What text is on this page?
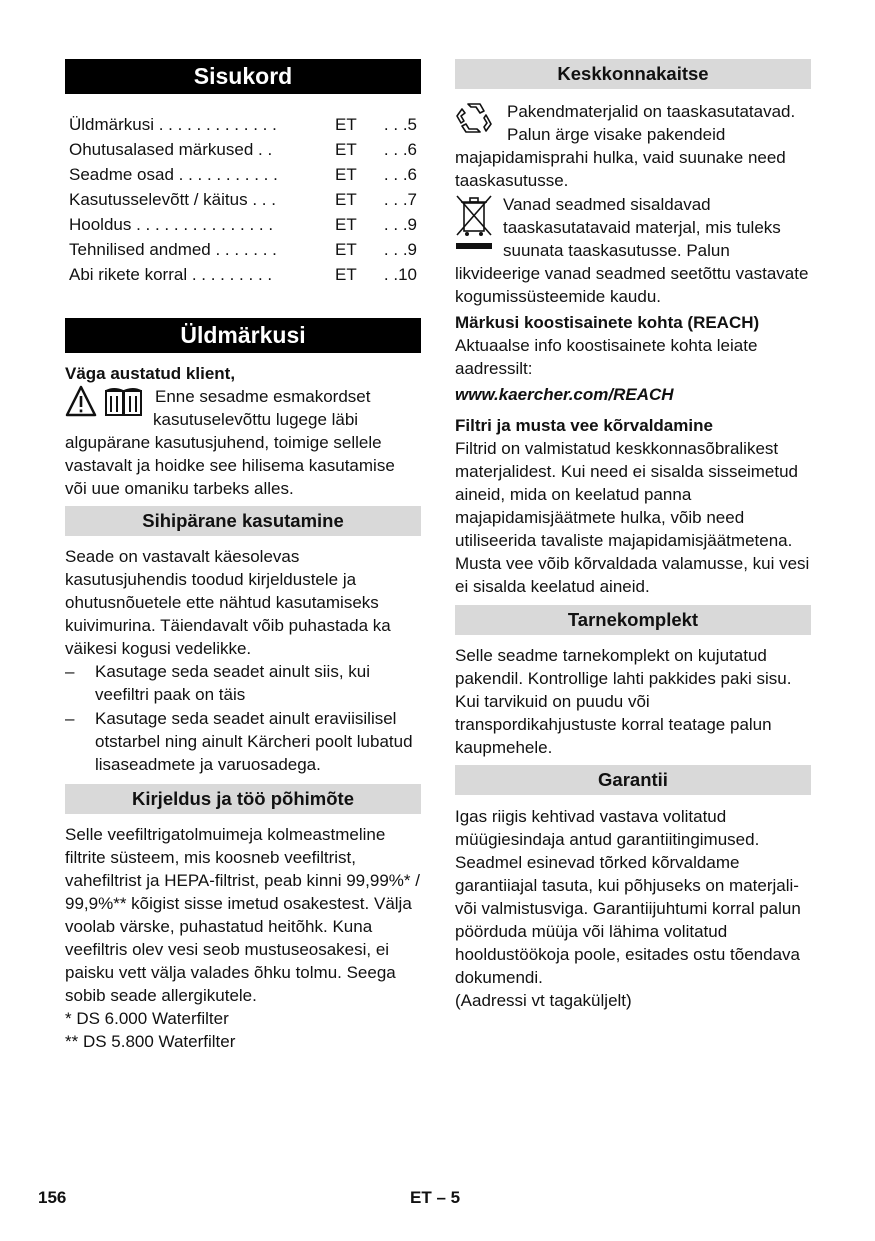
Sisukord
Üldmärkusi . . . . . . . . . . . . .	ET	. . .5
Ohutusalased märkused . .	ET	. . .6
Seadme osad . . . . . . . . . . .	ET	. . .6
Kasutusselevõtt / käitus . . .	ET	. . .7
Hooldus . . . . . . . . . . . . . . .	ET	. . .9
Tehnilised andmed . . . . . . .	ET	. . .9
Abi rikete korral . . . . . . . . .	ET	. .10
Üldmärkusi

Väga austatud klient,

Enne sesadme esmakordset kasutuselevõttu lugege läbi algupärane kasutusjuhend, toimige sellele vastavalt ja hoidke see hilisema kasutamise või uue omaniku tarbeks alles.

Sihipärane kasutamine

Seade on vastavalt käesolevas kasutusjuhendis toodud kirjeldustele ja ohutusnõuetele ette nähtud kasutamiseks kuivimurina. Täiendavalt võib puhastada ka väikesi kogusi vedelikke.

–	Kasutage seda seadet ainult siis, kui veefiltri paak on täis
–	Kasutage seda seadet ainult eraviisilisel otstarbel ning ainult Kärcheri poolt lubatud lisaseadmete ja varuosadega.
Kirjeldus ja töö põhimõte

Selle veefiltrigatolmuimeja kolmeastmeline filtrite süsteem, mis koosneb veefiltrist, vahefiltrist ja HEPA-filtrist, peab kinni 99,99%* / 99,9%** kõigist sisse imetud osakestest. Välja voolab värske, puhastatud heitõhk. Kuna veefiltris olev vesi seob mustuseosakesi, ei paisku vett välja valades õhku tolmu. Seega sobib seade allergikutele.

* DS 6.000 Waterfilter

** DS 5.800 Waterfilter

Keskkonnakaitse

Pakendmaterjalid on taaskasutatavad. Palun ärge visake pakendeid majapidamisprahi hulka, vaid suunake need taaskasutusse.

Vanad seadmed sisaldavad taaskasutatavaid materjal, mis tuleks suunata taaskasutusse. Palun likvideerige vanad seadmed seetõttu vastavate kogumissüsteemide kaudu.

Märkusi koostisainete kohta (REACH)

Aktuaalse info koostisainete kohta leiate aadressilt:

www.kaercher.com/REACH

Filtri ja musta vee kõrvaldamine

Filtrid on valmistatud keskkonnasõbralikest materjalidest. Kui need ei sisalda sisseimetud aineid, mida on keelatud panna majapidamisjäätmete hulka, võib need utiliseerida tavaliste majapidamisjäätmetena.

Musta vee võib kõrvaldada valamusse, kui vesi ei sisalda keelatud aineid.

Tarnekomplekt

Selle seadme tarnekomplekt on kujutatud pakendil. Kontrollige lahti pakkides paki sisu.

Kui tarvikuid on puudu või transpordikahjustuste korral teatage palun kaupmehele.

Garantii

Igas riigis kehtivad vastava volitatud müügiesindaja antud garantiitingimused. Seadmel esinevad tõrked kõrvaldame garantiiajal tasuta, kui põhjuseks on materjali- või valmistusviga. Garantiijuhtumi korral palun pöörduda müüja või lähima volitatud hooldustöökoja poole, esitades ostu tõendava dokumendi.

(Aadressi vt tagaküljelt)

156	ET – 5
